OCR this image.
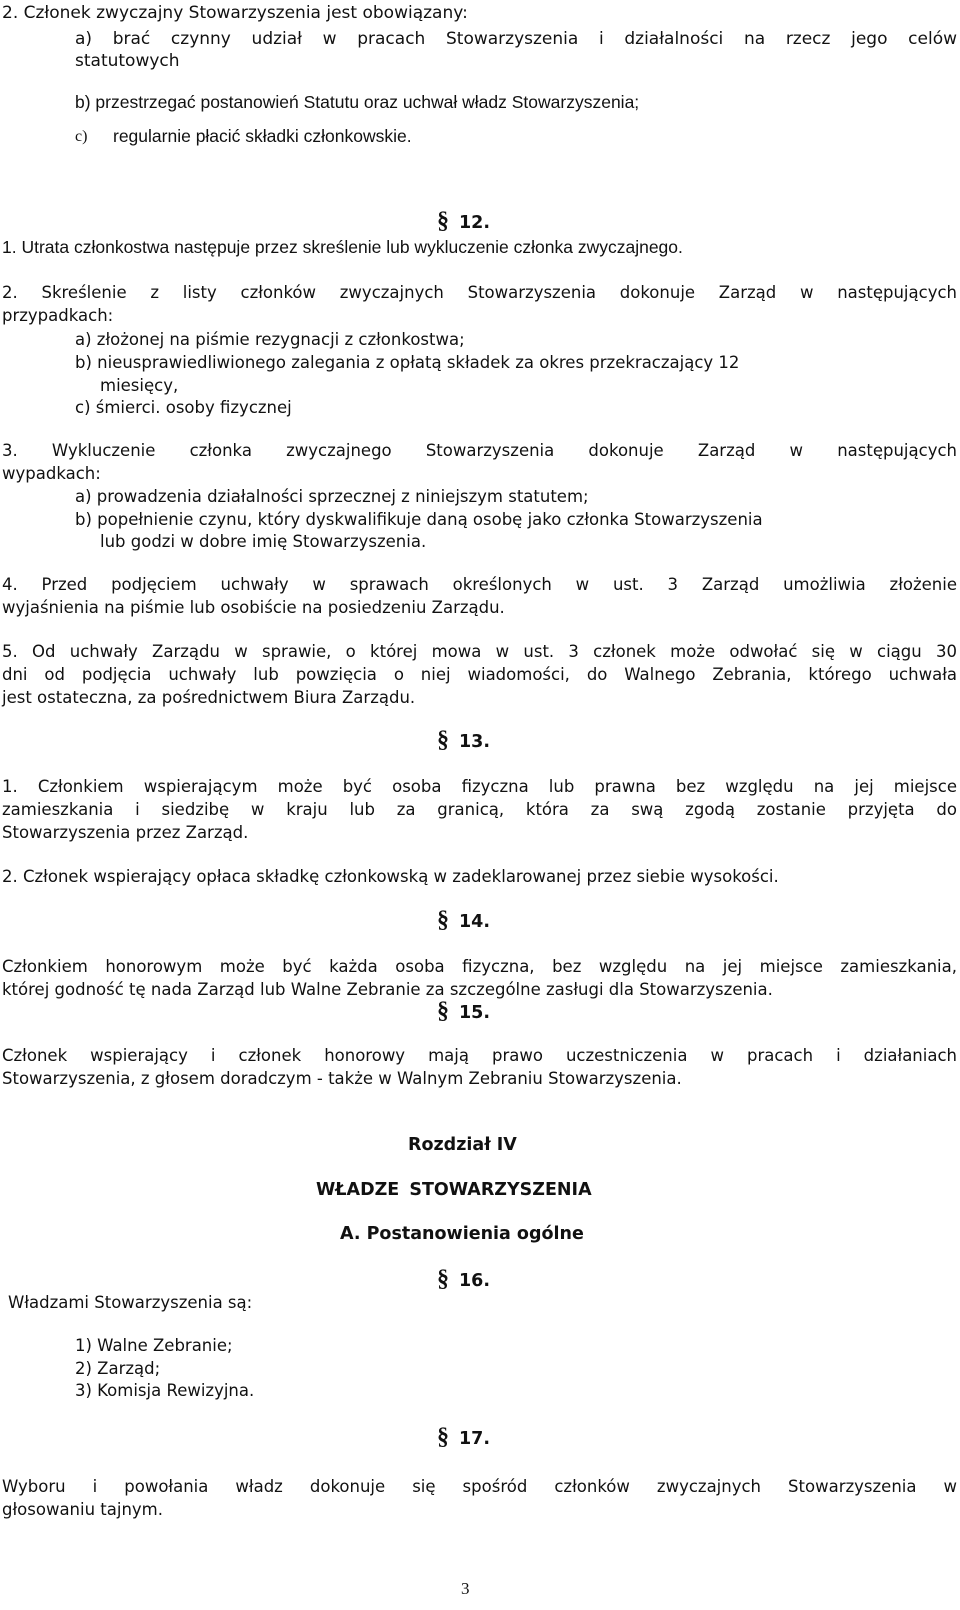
2. Członek zwyczajny Stowarzyszenia jest obowiązany:
a) brać czynny udział w pracach Stowarzyszenia i działalności na rzecz jego celów
statutowych
b) przestrzegać postanowień Statutu oraz uchwał władz Stowarzyszenia;
c) regularnie płacić składki członkowskie.
§ 12.
1. Utrata członkostwa następuje przez skreślenie lub wykluczenie członka zwyczajnego.
2. Skreślenie z listy członków zwyczajnych Stowarzyszenia dokonuje Zarząd w następujących
przypadkach:
a) złożonej na piśmie rezygnacji z członkostwa;
b) nieusprawiedliwionego zalegania z opłatą składek za okres przekraczający 12
miesięcy,
c) śmierci. osoby fizycznej
3. Wykluczenie członka zwyczajnego Stowarzyszenia dokonuje Zarząd w następujących
wypadkach:
a) prowadzenia działalności sprzecznej z niniejszym statutem;
b) popełnienie czynu, który dyskwalifikuje daną osobę jako członka Stowarzyszenia
lub godzi w dobre imię Stowarzyszenia.
4. Przed podjęciem uchwały w sprawach określonych w ust. 3 Zarząd umożliwia złożenie
wyjaśnienia na piśmie lub osobiście na posiedzeniu Zarządu.
5. Od uchwały Zarządu w sprawie, o której mowa w ust. 3 członek może odwołać się w ciągu 30
dni od podjęcia uchwały lub powzięcia o niej wiadomości, do Walnego Zebrania, którego uchwała
jest ostateczna, za pośrednictwem Biura Zarządu.
§ 13.
1. Członkiem wspierającym może być osoba fizyczna lub prawna bez względu na jej miejsce
zamieszkania i siedzibę w kraju lub za granicą, która za swą zgodą zostanie przyjęta do
Stowarzyszenia przez Zarząd.
2. Członek wspierający opłaca składkę członkowską w zadeklarowanej przez siebie wysokości.
§ 14.
Członkiem honorowym może być każda osoba fizyczna, bez względu na jej miejsce zamieszkania,
której godność tę nada Zarząd lub Walne Zebranie za szczególne zasługi dla Stowarzyszenia.
§ 15.
Członek wspierający i członek honorowy mają prawo uczestniczenia w pracach i działaniach
Stowarzyszenia, z głosem doradczym - także w Walnym Zebraniu Stowarzyszenia.
Rozdział IV
WŁADZE STOWARZYSZENIA
A. Postanowienia ogólne
§ 16.
Władzami Stowarzyszenia są:
1) Walne Zebranie;
2) Zarząd;
3) Komisja Rewizyjna.
§ 17.
Wyboru i powołania władz dokonuje się spośród członków zwyczajnych Stowarzyszenia w
głosowaniu tajnym.
3
